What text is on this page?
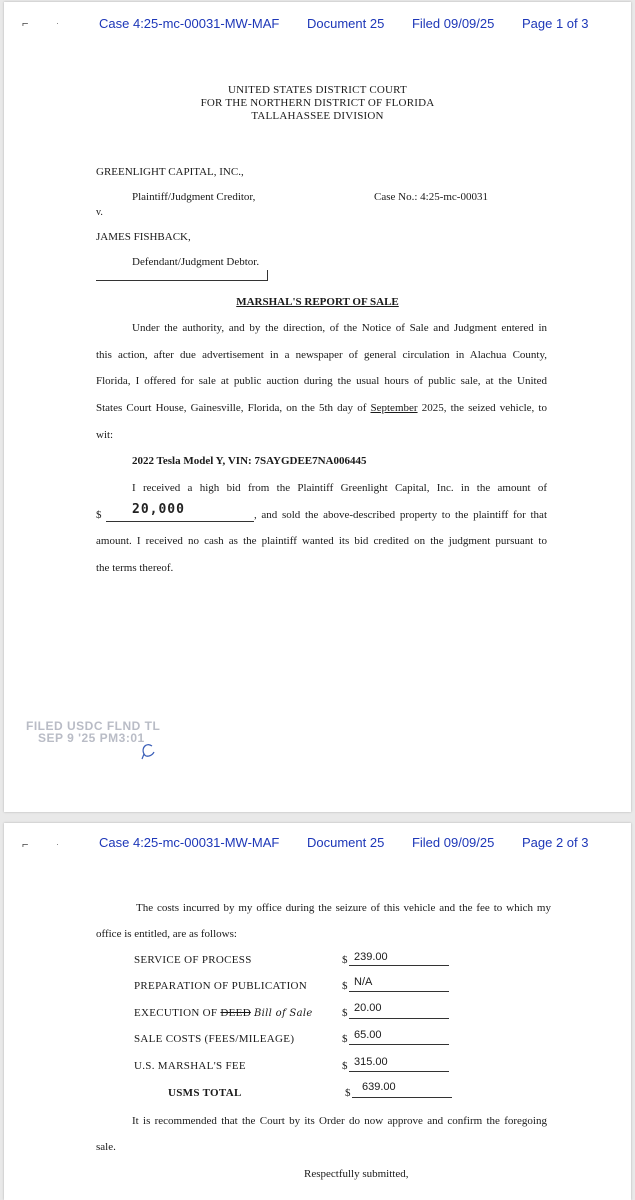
⌐	·	Case 4:25-mc-00031-MW-MAF Document 25 Filed 09/09/25 Page 1 of 3
UNITED STATES DISTRICT COURT
FOR THE NORTHERN DISTRICT OF FLORIDA
TALLAHASSEE DIVISION
GREENLIGHT CAPITAL, INC.,
Plaintiff/Judgment Creditor,	Case No.: 4:25-mc-00031
v.
JAMES FISHBACK,
Defendant/Judgment Debtor.
MARSHAL'S REPORT OF SALE
Under the authority, and by the direction, of the Notice of Sale and Judgment entered in
this action, after due advertisement in a newspaper of general circulation in Alachua County,
Florida, I offered for sale at public auction during the usual hours of public sale, at the United
States Court House, Gainesville, Florida, on the 5th day of September 2025, the seized vehicle, to
wit:
2022 Tesla Model Y, VIN: 7SAYGDEE7NA006445
I received a high bid from the Plaintiff Greenlight Capital, Inc. in the amount of
$ 20,000	, and sold the above-described property to the plaintiff for that
amount. I received no cash as the plaintiff wanted its bid credited on the judgment pursuant to
the terms thereof.
FILED USDC FLND TL
SEP 9 '25 PM3:01
⌐	·	Case 4:25-mc-00031-MW-MAF Document 25 Filed 09/09/25 Page 2 of 3
The costs incurred by my office during the seizure of this vehicle and the fee to which my
office is entitled, are as follows:
SERVICE OF PROCESS	$ 239.00
PREPARATION OF PUBLICATION	$ N/A
EXECUTION OF DEED Bill of Sale	$ 20.00
SALE COSTS (FEES/MILEAGE)	$ 65.00
U.S. MARSHAL'S FEE	$ 315.00
USMS TOTAL	$ 639.00
It is recommended that the Court by its Order do now approve and confirm the foregoing
sale.
Respectfully submitted,
